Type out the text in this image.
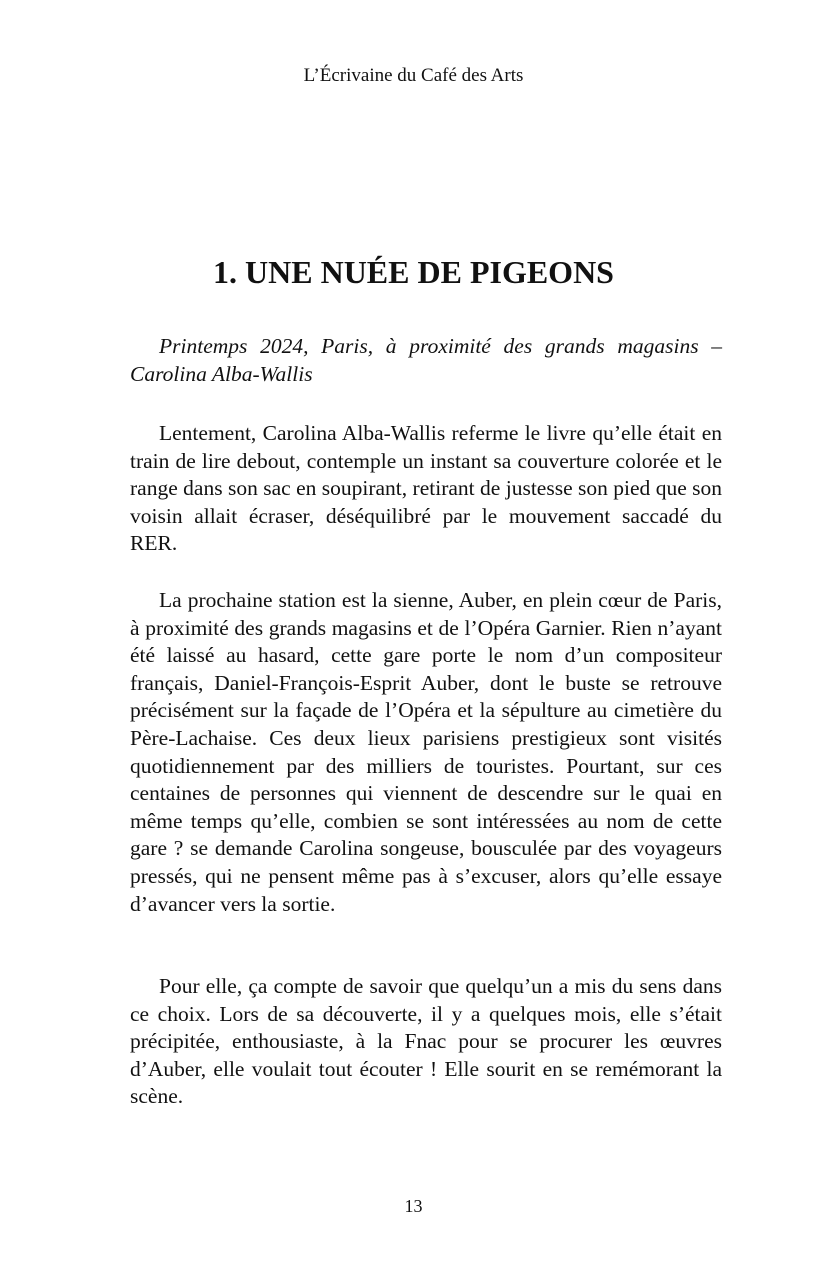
L’Écrivaine du Café des Arts
1. UNE NUÉE DE PIGEONS

Printemps 2024, Paris, à proximité des grands magasins – Carolina Alba-Wallis

Lentement, Carolina Alba-Wallis referme le livre qu’elle était en train de lire debout, contemple un instant sa couverture colorée et le range dans son sac en soupirant, retirant de justesse son pied que son voisin allait écraser, déséquilibré par le mouvement saccadé du RER.

La prochaine station est la sienne, Auber, en plein cœur de Paris, à proximité des grands magasins et de l’Opéra Garnier. Rien n’ayant été laissé au hasard, cette gare porte le nom d’un compositeur français, Daniel-François-Esprit Auber, dont le buste se retrouve précisément sur la façade de l’Opéra et la sépulture au cimetière du Père-Lachaise. Ces deux lieux parisiens prestigieux sont visités quotidiennement par des milliers de touristes. Pourtant, sur ces centaines de personnes qui viennent de descendre sur le quai en même temps qu’elle, combien se sont intéressées au nom de cette gare ? se demande Carolina songeuse, bousculée par des voyageurs pressés, qui ne pensent même pas à s’excuser, alors qu’elle essaye d’avancer vers la sortie.

Pour elle, ça compte de savoir que quelqu’un a mis du sens dans ce choix. Lors de sa découverte, il y a quelques mois, elle s’était précipitée, enthousiaste, à la Fnac pour se procurer les œuvres d’Auber, elle voulait tout écouter ! Elle sourit en se remémorant la scène.

13
